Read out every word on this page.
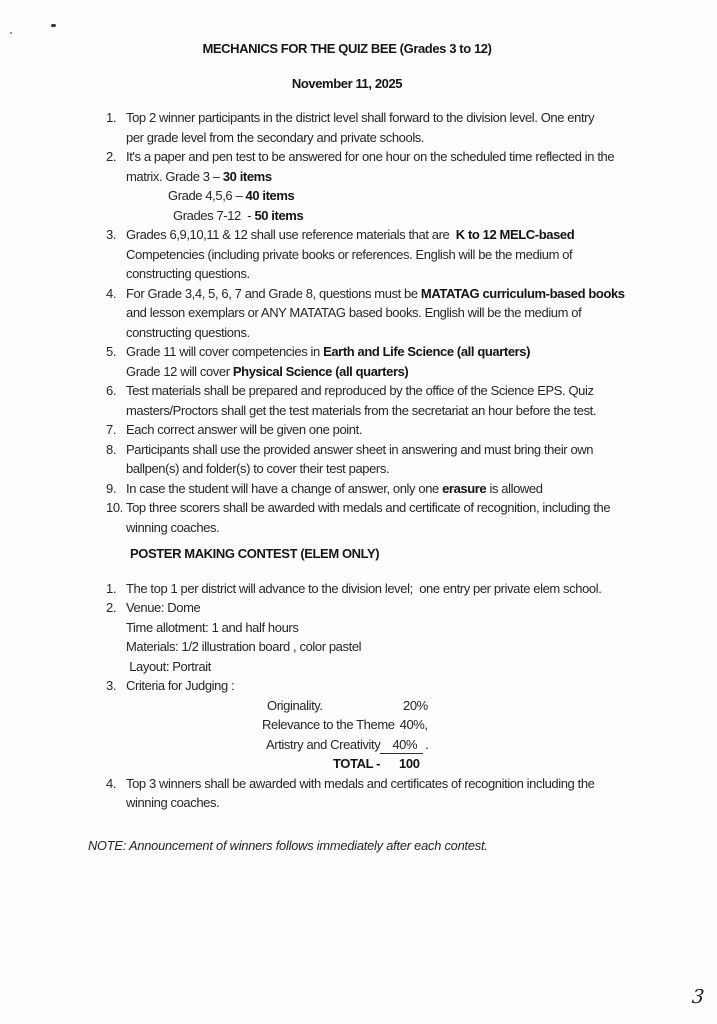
MECHANICS FOR THE QUIZ BEE (Grades 3 to 12)
November 11, 2025
1. Top 2 winner participants in the district level shall forward to the division level. One entry
per grade level from the secondary and private schools.
2. It's a paper and pen test to be answered for one hour on the scheduled time reflected in the
matrix. Grade 3 – 30 items
Grade 4,5,6 – 40 items
Grades 7-12  - 50 items
3. Grades 6,9,10,11 & 12 shall use reference materials that are  K to 12 MELC-based
Competencies (including private books or references. English will be the medium of
constructing questions.
4. For Grade 3,4, 5, 6, 7 and Grade 8, questions must be MATATAG curriculum-based books
and lesson exemplars or ANY MATATAG based books. English will be the medium of
constructing questions.
5. Grade 11 will cover competencies in Earth and Life Science (all quarters)
Grade 12 will cover Physical Science (all quarters)
6. Test materials shall be prepared and reproduced by the office of the Science EPS. Quiz
masters/Proctors shall get the test materials from the secretariat an hour before the test.
7. Each correct answer will be given one point.
8. Participants shall use the provided answer sheet in answering and must bring their own
ballpen(s) and folder(s) to cover their test papers.
9. In case the student will have a change of answer, only one erasure is allowed
10. Top three scorers shall be awarded with medals and certificate of recognition, including the
winning coaches.
POSTER MAKING CONTEST (ELEM ONLY)
1. The top 1 per district will advance to the division level;  one entry per private elem school.
2. Venue: Dome
Time allotment: 1 and half hours
Materials: 1/2 illustration board , color pastel
Layout: Portrait
3. Criteria for Judging :
Originality.	20%
Relevance to the Theme 40%,
Artistry and Creativity 40% .
TOTAL - 100
4. Top 3 winners shall be awarded with medals and certificates of recognition including the
winning coaches.
NOTE: Announcement of winners follows immediately after each contest.
3
